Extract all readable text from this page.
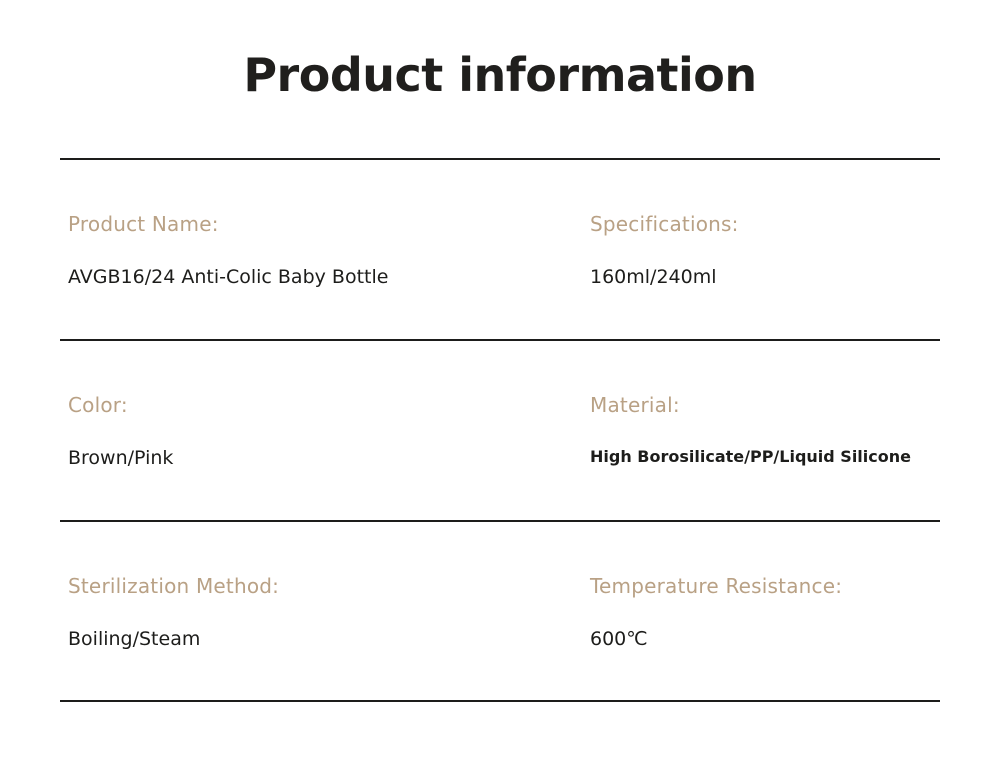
Product information
Product Name:
AVGB16/24 Anti-Colic Baby Bottle
Specifications:
160ml/240ml
Color:
Brown/Pink
Material:
High Borosilicate/PP/Liquid Silicone
Sterilization Method:
Boiling/Steam
Temperature Resistance:
600℃
